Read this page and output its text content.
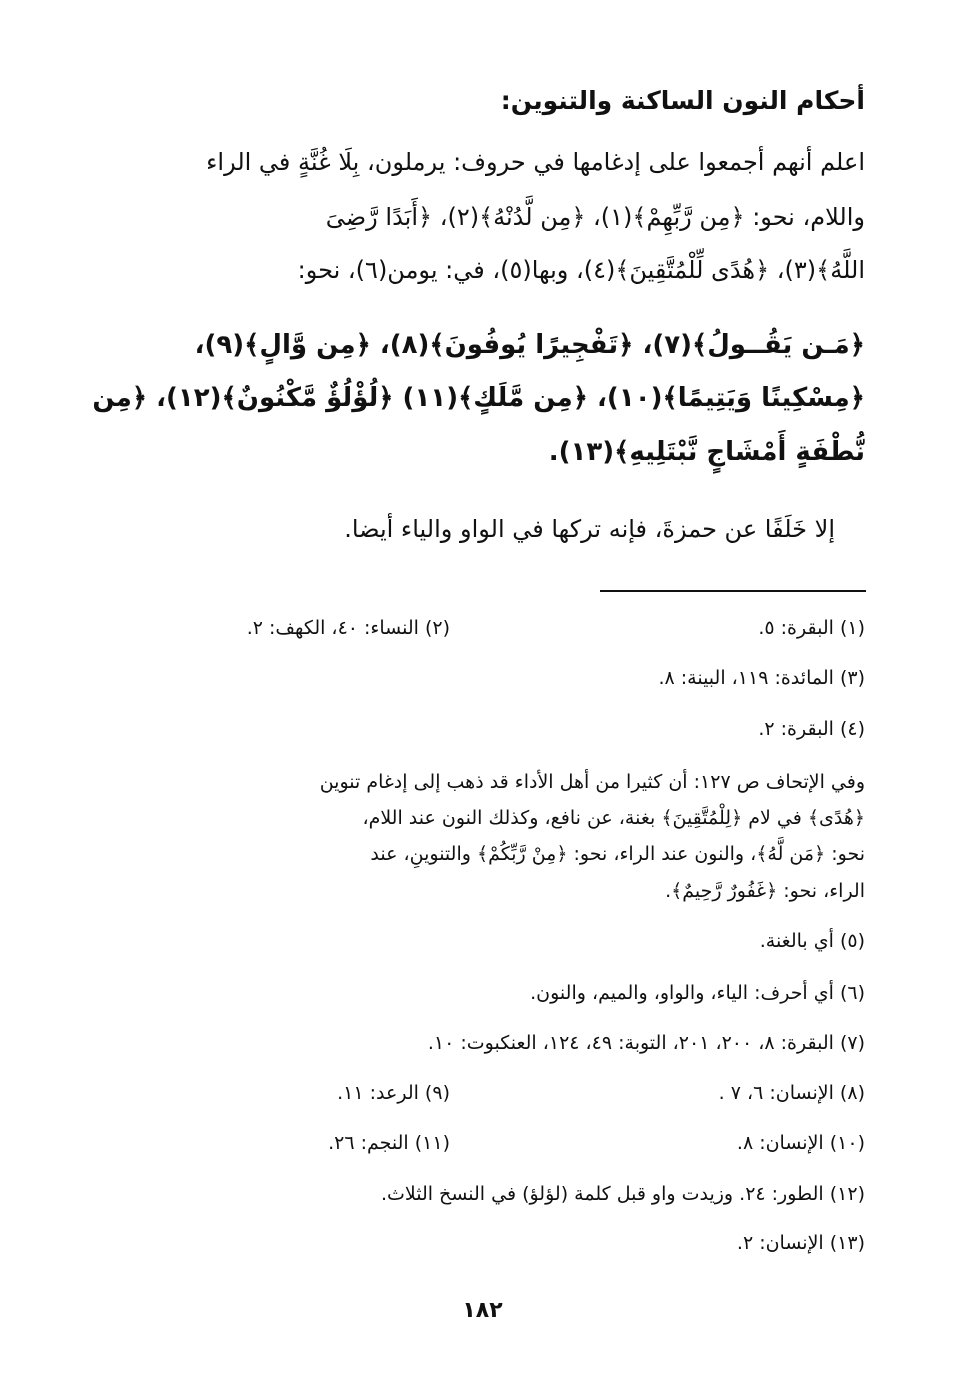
أحكام النون الساكنة والتنوين:
اعلم أنهم أجمعوا على إدغامها في حروف: يرملون، بِلَا غُنَّةٍ في الراء
واللام، نحو: ﴿مِن رَّبِّهِمْ﴾(١)، ﴿مِن لَّدُنْهُ﴾(٢)، ﴿أَبَدًا رَّضِىَ
اللَّهُ﴾(٣)، ﴿هُدًى لِّلْمُتَّقِينَ﴾(٤)، وبها(٥)، في: يومن(٦)، نحو:
﴿مَـن يَقُــولُ﴾(٧)، ﴿تَفْجِيرًا يُوفُونَ﴾(٨)، ﴿مِن وَّالٍ﴾(٩)،
﴿مِسْكِينًا وَيَتِيمًا﴾(١٠)، ﴿مِن مَّلَكٍ﴾(١١) ﴿لُؤْلُؤٌ مَّكْنُونٌ﴾(١٢)، ﴿مِن
نُّطْفَةٍ أَمْشَاجٍ نَّبْتَلِيهِ﴾(١٣).
إلا خَلَفًا عن حمزةَ، فإنه تركها في الواو والياء أيضا.
(١) البقرة: ٥.
(٢) النساء: ٤٠، الكهف: ٢.
(٣) المائدة: ١١٩، البينة: ٨.
(٤) البقرة: ٢.
وفي الإتحاف ص ١٢٧: أن كثيرا من أهل الأداء قد ذهب إلى إدغام تنوين
﴿هُدًى﴾ في لام ﴿لِلْمُتَّقِينَ﴾ بغنة، عن نافع، وكذلك النون عند اللام،
نحو: ﴿مَن لَّهُ﴾، والنون عند الراء، نحو: ﴿مِنْ رَّبِّكُمْ﴾ والتنوينِ، عند
الراء، نحو: ﴿غَفُورٌ رَّحِيمٌ﴾.
(٥) أي بالغنة.
(٦) أي أحرف: الياء، والواو، والميم، والنون.
(٧) البقرة: ٨، ٢٠٠، ٢٠١، التوبة: ٤٩، ١٢٤، العنكبوت: ١٠.
(٨) الإنسان: ٦، ٧ .
(٩) الرعد: ١١.
(١٠) الإنسان: ٨.
(١١) النجم: ٢٦.
(١٢) الطور: ٢٤. وزيدت واو قبل كلمة (لؤلؤ) في النسخ الثلاث.
(١٣) الإنسان: ٢.
١٨٢
